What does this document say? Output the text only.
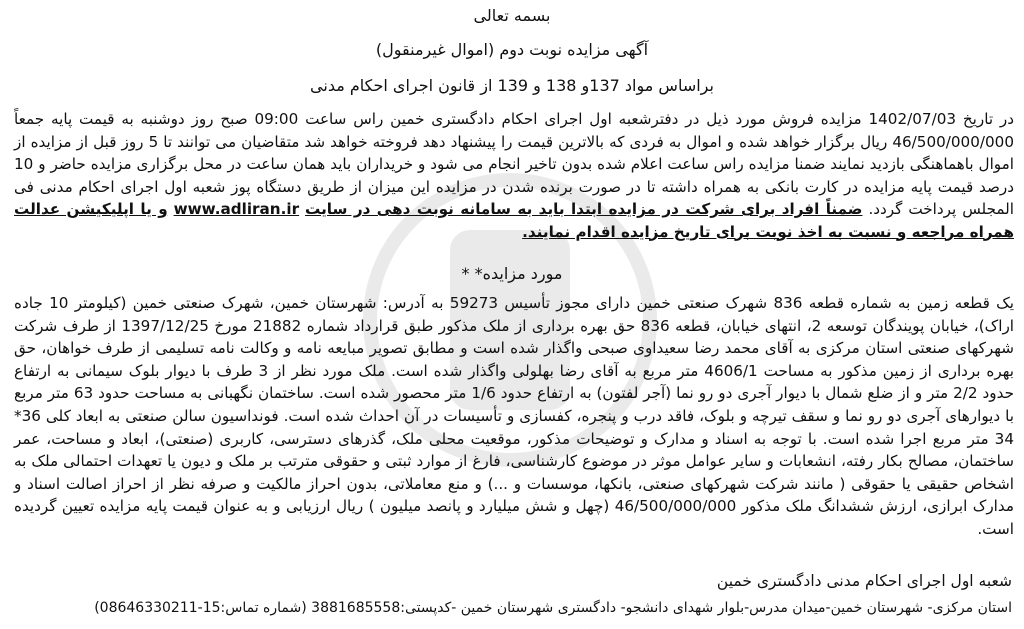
بسمه تعالی
آگهی مزایده نوبت دوم (اموال غیرمنقول)
براساس مواد 137و 138 و 139 از قانون اجرای احکام مدنی
در تاریخ 1402/07/03 مزایده فروش مورد ذیل در دفترشعبه اول اجرای احکام دادگستری خمین راس ساعت 09:00 صبح روز دوشنبه به قیمت پایه جمعاً 46/500/000/000 ریال برگزار خواهد شده و اموال به فردی که بالاترین قیمت را پیشنهاد دهد فروخته خواهد شد متقاضیان می توانند تا 5 روز قبل از مزایده از اموال باهماهنگی بازدید نمایند ضمنا مزایده راس ساعت اعلام شده بدون تاخیر انجام می شود و خریداران باید همان ساعت در محل برگزاری مزایده حاضر و 10 درصد قیمت پایه مزایده در کارت بانکی به همراه داشته تا در صورت برنده شدن در مزایده این میزان از طریق دستگاه پوز شعبه اول اجرای احکام مدنی فی المجلس پرداخت گردد. ضمناً افراد برای شرکت در مزایده ابتدا باید به سامانه نوبت دهی در سایت www.adliran.ir و یا اپلیکیشن عدالت همراه مراجعه و نسبت به اخذ نوبت برای تاریخ مزایده اقدام نمایند.
مورد مزایده* *
یک قطعه زمین به شماره قطعه 836 شهرک صنعتی خمین دارای مجوز تأسیس 59273 به آدرس: شهرستان خمین، شهرک صنعتی خمین (کیلومتر 10 جاده اراک)، خیابان پویندگان توسعه 2، انتهای خیابان، قطعه 836 حق بهره برداری از ملک مذکور طبق قرارداد شماره 21882 مورخ 1397/12/25 از طرف شرکت شهرکهای صنعتی استان مرکزی به آقای محمد رضا سعیداوی صبحی واگذار شده است و مطابق تصویر مبایعه نامه و وکالت نامه تسلیمی از طرف خواهان، حق بهره برداری از زمین مذکور به مساحت 4606/1 متر مربع به آقای رضا بهلولی واگذار شده است. ملک مورد نظر از 3 طرف با دیوار بلوک سیمانی به ارتفاع حدود 2/2 متر و از ضلع شمال با دیوار آجری دو رو نما (آجر لفتون) به ارتفاع حدود 1/6 متر محصور شده است. ساختمان نگهبانی به مساحت حدود 63 متر مربع با دیوارهای آجری دو رو نما و سقف تیرچه و بلوک، فاقد درب و پنجره، کفسازی و تأسیسات در آن احداث شده است. فونداسیون سالن صنعتی به ابعاد کلی 36* 34 متر مربع اجرا شده است. با توجه به اسناد و مدارک و توضیحات مذکور، موقعیت محلی ملک، گذرهای دسترسی، کاربری (صنعتی)، ابعاد و مساحت، عمر ساختمان، مصالح بکار رفته، انشعابات و سایر عوامل موثر در موضوع کارشناسی، فارغ از موارد ثبتی و حقوقی مترتب بر ملک و دیون یا تعهدات احتمالی ملک به اشخاص حقیقی یا حقوقی ( مانند شرکت شهرکهای صنعتی، بانکها، موسسات و ...) و منع معاملاتی، بدون احراز مالکیت و صرفه نظر از احراز اصالت اسناد و مدارک ابرازی، ارزش ششدانگ ملک مذکور 46/500/000/000 (چهل و شش میلیارد و پانصد میلیون ) ریال ارزیابی و به عنوان قیمت پایه مزایده تعیین گردیده است.
شعبه اول اجرای احکام مدنی دادگستری خمین
استان مرکزی- شهرستان خمین-میدان مدرس-بلوار شهدای دانشجو- دادگستری شهرستان خمین -کدپستی:3881685558 (شماره تماس:15-08646330211)
